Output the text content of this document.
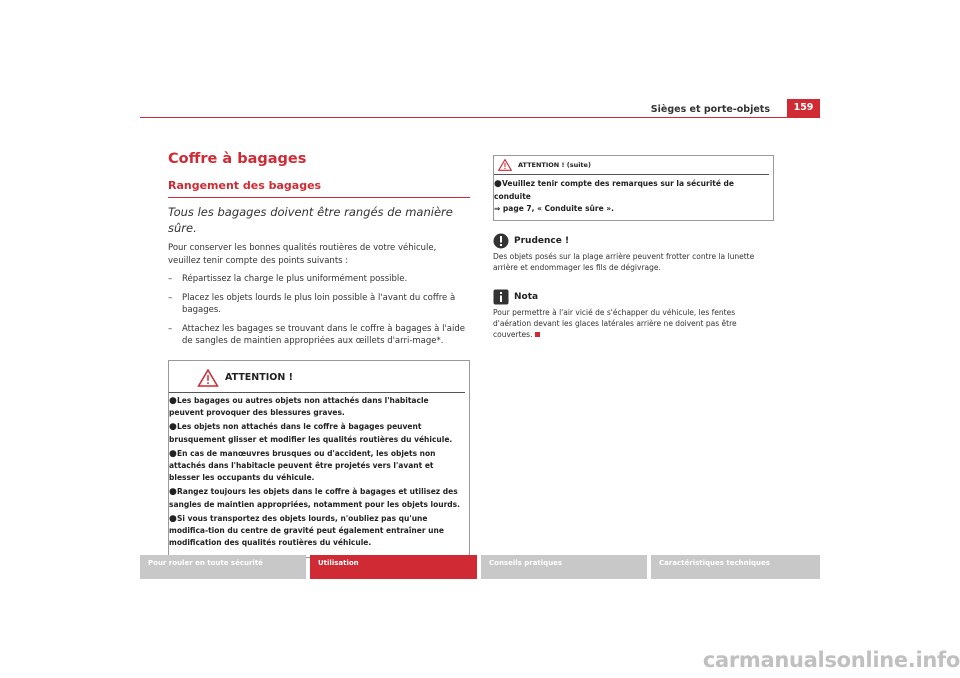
Sièges et porte-objets	159
Coffre à bagages
Rangement des bagages

Tous les bagages doivent être rangés de manière sûre.

Pour conserver les bonnes qualités routières de votre véhicule, veuillez tenir compte des points suivants :

– Répartissez la charge le plus uniformément possible.
– Placez les objets lourds le plus loin possible à l'avant du coffre à bagages.
– Attachez les bagages se trouvant dans le coffre à bagages à l'aide de sangles de maintien appropriées aux œillets d'arri-mage*.
ATTENTION !

●Les bagages ou autres objets non attachés dans l'habitacle peuvent provoquer des blessures graves.

●Les objets non attachés dans le coffre à bagages peuvent brusquement glisser et modifier les qualités routières du véhicule.

●En cas de manœuvres brusques ou d'accident, les objets non attachés dans l'habitacle peuvent être projetés vers l'avant et blesser les occupants du véhicule.

●Rangez toujours les objets dans le coffre à bagages et utilisez des sangles de maintien appropriées, notamment pour les objets lourds.

●Si vous transportez des objets lourds, n'oubliez pas qu'une modifica-tion du centre de gravité peut également entraîner une modification des qualités routières du véhicule.

ATTENTION ! (suite)

●Veuillez tenir compte des remarques sur la sécurité de conduite
⇒ page 7, « Conduite sûre ».

Prudence !

Des objets posés sur la plage arrière peuvent frotter contre la lunette arrière et endommager les fils de dégivrage.

Nota

Pour permettre à l'air vicié de s'échapper du véhicule, les fentes d'aération devant les glaces latérales arrière ne doivent pas être couvertes.

Pour rouler en toute sécurité	Utilisation	Conseils pratiques	Caractéristiques techniques
carmanualsonline.info
